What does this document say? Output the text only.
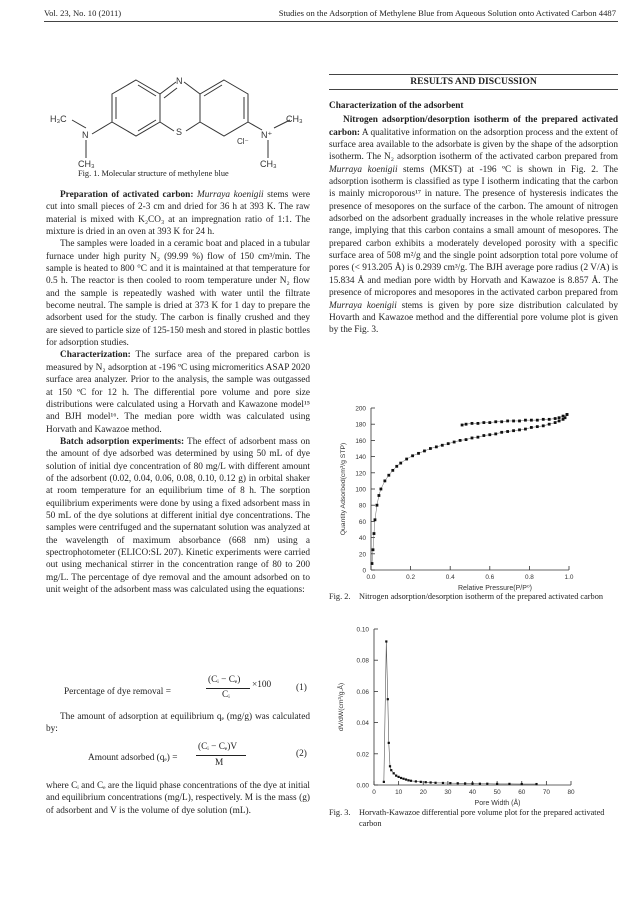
Vol. 23, No. 10 (2011)	Studies on the Adsorption of Methylene Blue from Aqueous Solution onto Activated Carbon 4487
N
H₃C
N	S
Cl⁻
N⁺
CH₃
CH₃	CH₃
Fig. 1. Molecular structure of methylene blue

Preparation of activated carbon: Murraya koenigii stems were cut into small pieces of 2-3 cm and dried for 36 h at 393 K. The raw material is mixed with K₂CO₃ at an impregnation ratio of 1:1. The mixture is dried in an oven at 393 K for 24 h.

The samples were loaded in a ceramic boat and placed in a tubular furnace under high purity N₂ (99.99 %) flow of 150 cm³/min. The sample is heated to 800 °C and it is maintained at that temperature for 0.5 h. The reactor is then cooled to room temperature under N₂ flow and the sample is repeatedly washed with water until the filtrate become neutral. The sample is dried at 373 K for 1 day to prepare the adsorbent used for the study. The carbon is finally crushed and they are sieved to particle size of 125-150 mesh and stored in plastic bottles for adsorption studies.

Characterization: The surface area of the prepared carbon is measured by N₂ adsorption at -196 ºC using micromeritics ASAP 2020 surface area analyzer. Prior to the analysis, the sample was outgassed at 150 ºC for 12 h. The differential pore volume and pore size distributions were calculated using a Horvath and Kawazone model¹⁵ and BJH model¹⁶. The median pore width was calculated using Horvath and Kawazoe method.

Batch adsorption experiments: The effect of adsorbent mass on the amount of dye adsorbed was determined by using 50 mL of dye solution of initial dye concentration of 80 mg/L with different amount of the adsorbent (0.02, 0.04, 0.06, 0.08, 0.10, 0.12 g) in orbital shaker at room temperature for an equilibrium time of 8 h. The sorption equilibrium experiments were done by using a fixed adsorbent mass in 50 mL of the dye solutions at different initial dye concentrations. The samples were centrifuged and the supernatant solution was analyzed at the wavelength of maximum absorbance (668 nm) using a spectrophotometer (ELICO:SL 207). Kinetic experiments were carried out using mechanical stirrer in the concentration range of 80 to 200 mg/L. The percentage of dye removal and the amount adsorbed on to unit weight of the adsorbent mass was calculated using the equations:

Percentage of dye removal =
(Cᵢ − Cₑ) ×100
Cᵢ
(1)

The amount of adsorption at equilibrium qₑ (mg/g) was calculated by:

Amount adsorbed (qₑ) =
(Cᵢ − Cₑ)V
M
(2)

where Cᵢ and Cₑ are the liquid phase concentrations of the dye at initial and equilibrium concentrations (mg/L), respectively. M is the mass (g) of adsorbent and V is the volume of dye solution (mL).

RESULTS AND DISCUSSION

Characterization of the adsorbent

Nitrogen adsorption/desorption isotherm of the prepared activated carbon: A qualitative information on the adsorption process and the extent of surface area available to the adsorbate is given by the shape of the adsorption isotherm. The N₂ adsorption isotherm of the activated carbon prepared from Murraya koenigii stems (MKST) at -196 ºC is shown in Fig. 2. The adsorption isotherm is classified as type I isotherm indicating that the carbon is mainly microporous¹⁷ in nature. The presence of hysteresis indicates the presence of mesopores on the surface of the carbon. The amount of nitrogen adsorbed on the adsorbent gradually increases in the whole relative pressure range, implying that this carbon contains a small amount of mesopores. The prepared carbon exhibits a moderately developed porosity with a specific surface area of 508 m²/g and the single point adsorption total pore volume of pores (< 913.205 Å) is 0.2939 cm³/g. The BJH average pore radius (2 V/A) is 15.834 Å and median pore width by Horvath and Kawazoe is 8.857 Å. The presence of micropores and mesopores in the activated carbon prepared from Murraya koenigii stems is given by pore size distribution calculated by Hovarth and Kawazoe method and the differential pore volume plot is given by the Fig. 3.

0
20
40
60
80
100
120
140
160
180
200
0.0	0.2	0.4	0.6	0.8	1.0
Relative Pressure(P/P⁰)
Quantity Adsorbed(cm³/g STP)
Fig. 2. Nitrogen adsorption/desorption isotherm of the prepared activated carbon
0.00
0.02
0.04
0.06
0.08
0.10
0	10	20	30	40	50	60	70	80
Pore Width (Å)
dV/dW(cm³/g.Å)
Fig. 3. Horvath-Kawazoe differential pore volume plot for the prepared activated carbon
